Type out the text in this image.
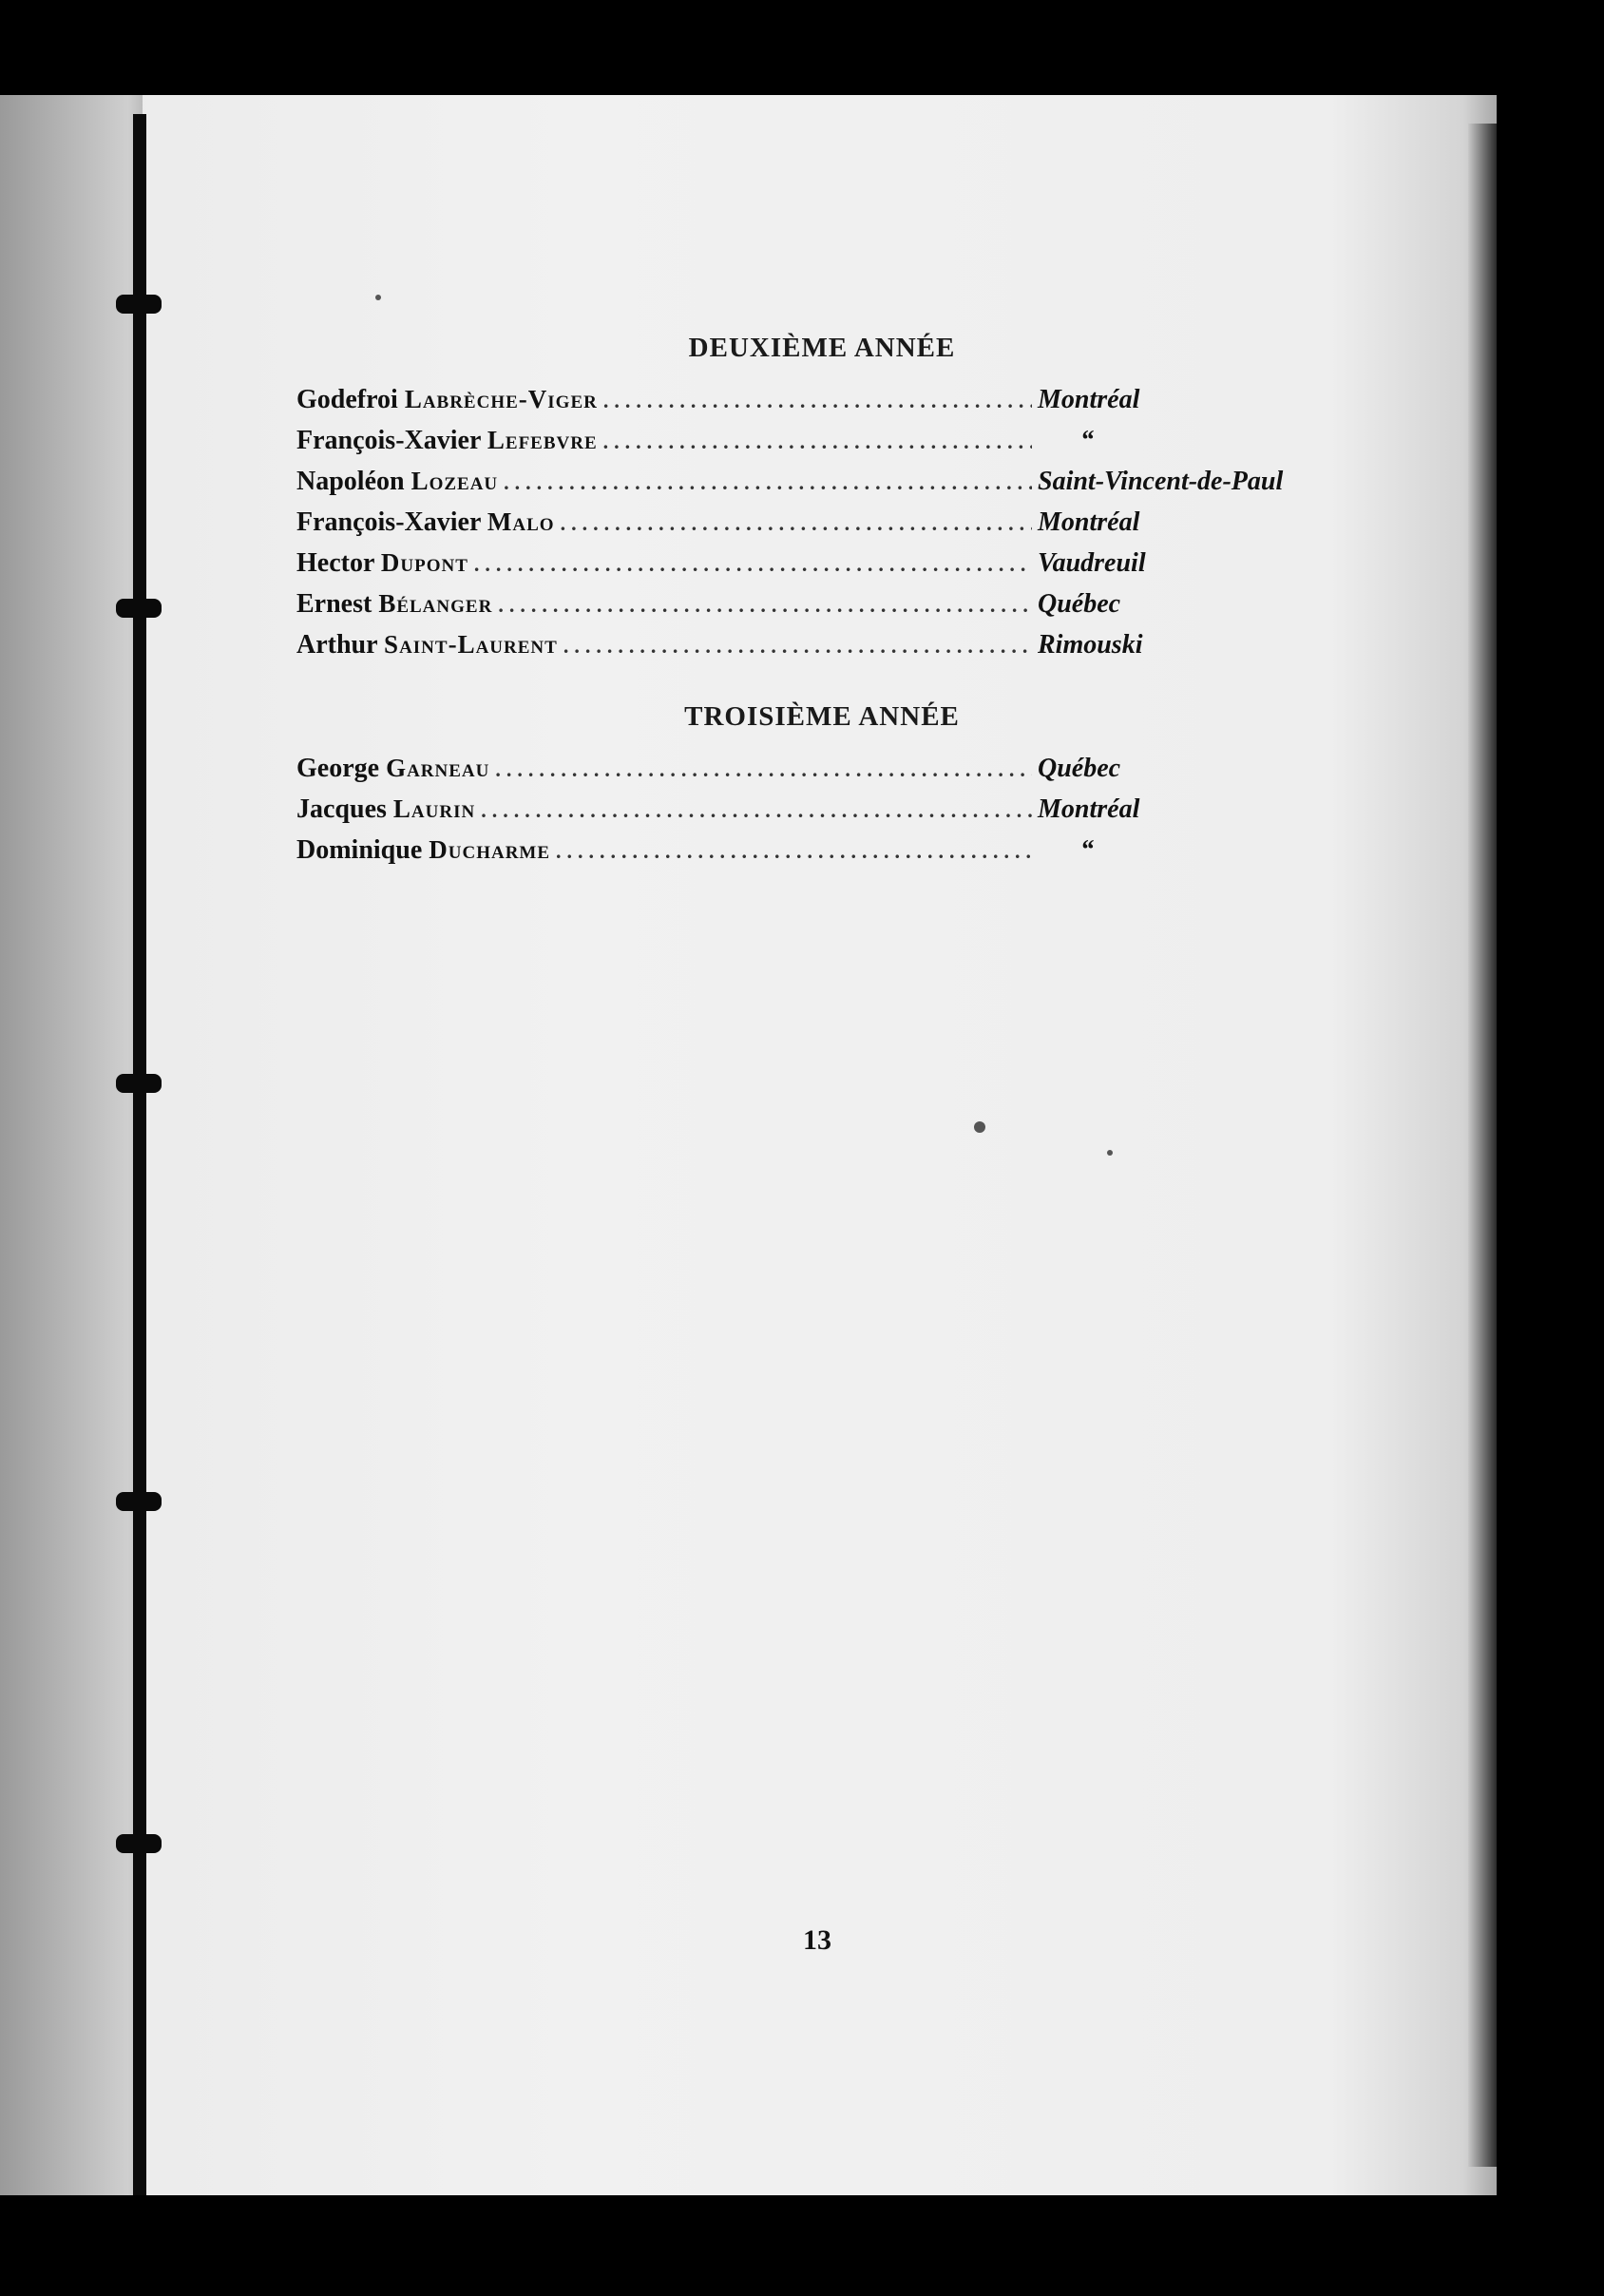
DEUXIÈME ANNÉE
Godefroi Labrèche-Viger .....	Montréal
François-Xavier Lefebvre .....	“
Napoléon Lozeau .....	Saint-Vincent-de-Paul
François-Xavier Malo .....	Montréal
Hector Dupont .....	Vaudreuil
Ernest Bélanger .....	Québec
Arthur Saint-Laurent .....	Rimouski
TROISIÈME ANNÉE
George Garneau .....	Québec
Jacques Laurin .....	Montréal
Dominique Ducharme .....	“
13
